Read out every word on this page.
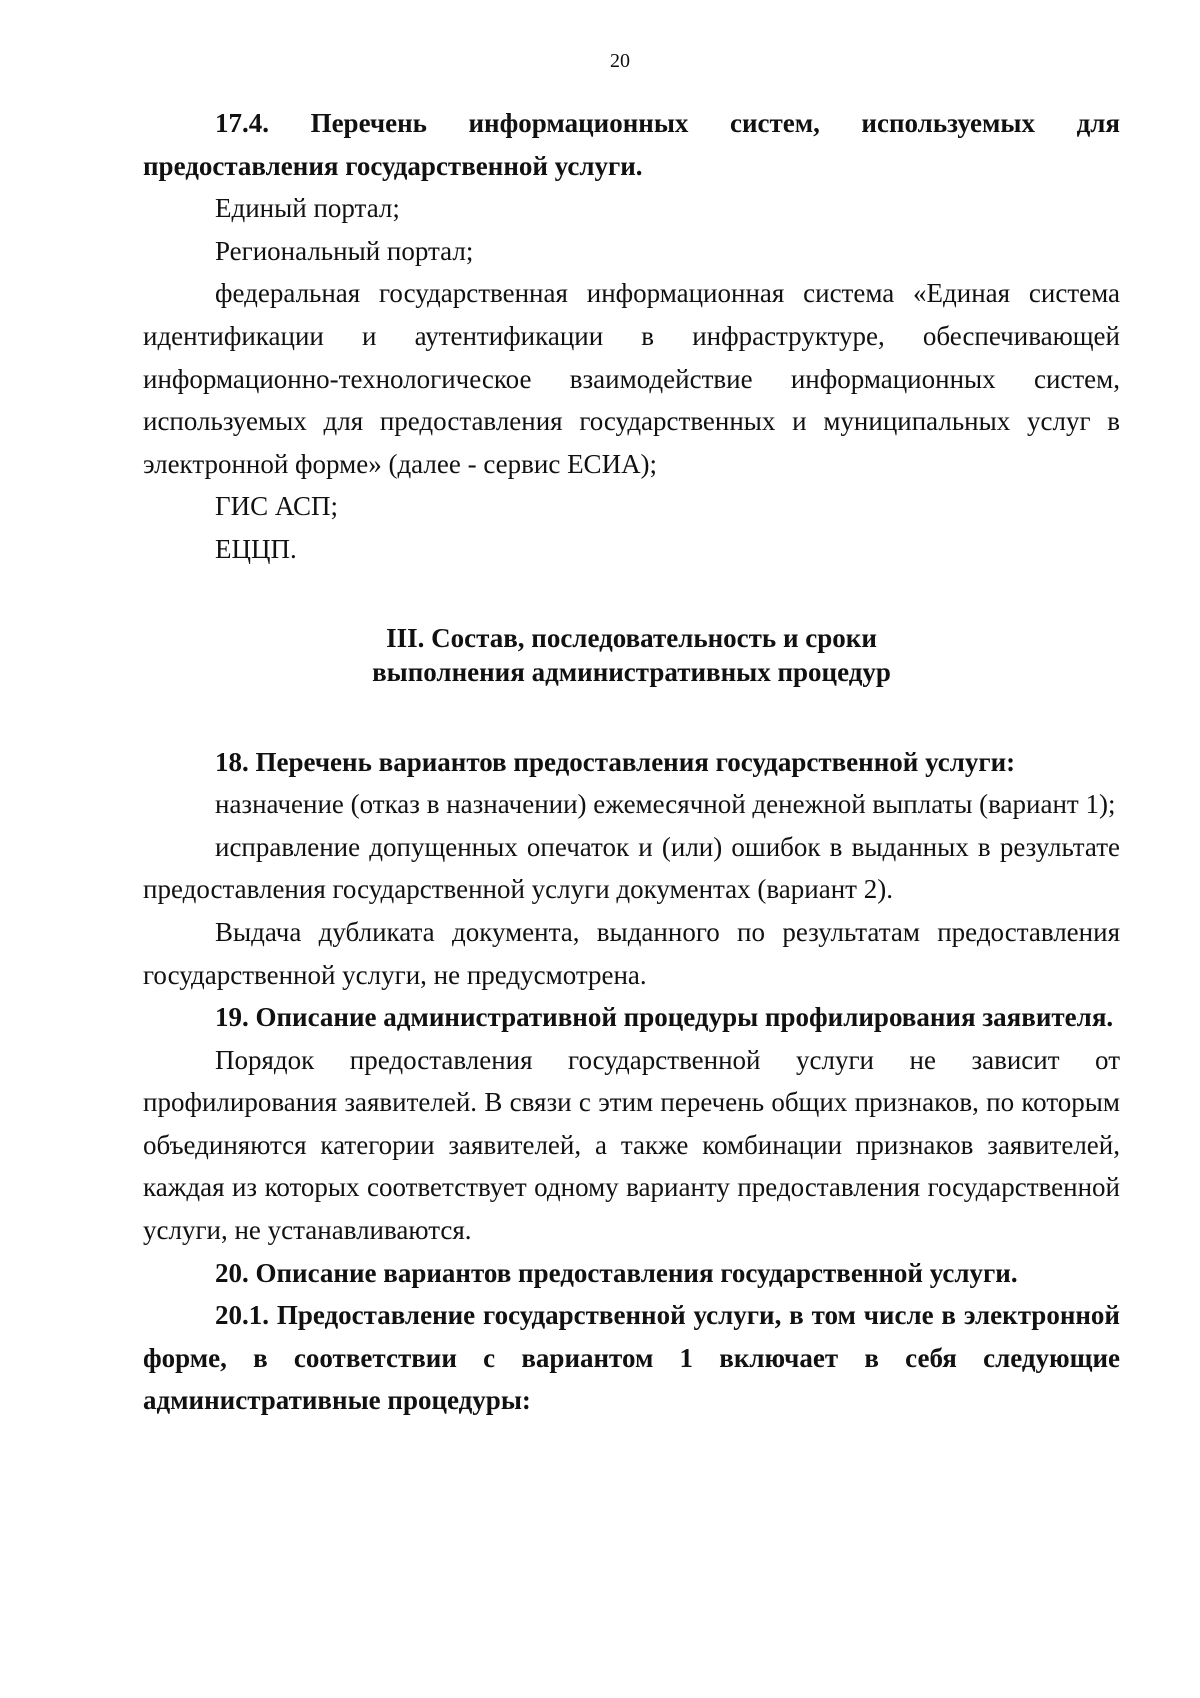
20

17.4. Перечень информационных систем, используемых для предоставления государственной услуги.

Единый портал;

Региональный портал;

федеральная государственная информационная система «Единая система идентификации и аутентификации в инфраструктуре, обеспечивающей информационно-технологическое взаимодействие информационных систем, используемых для предоставления государственных и муниципальных услуг в электронной форме» (далее - сервис ЕСИА);

ГИС АСП;

ЕЦЦП.

III. Состав, последовательность и сроки

выполнения административных процедур

18. Перечень вариантов предоставления государственной услуги:

назначение (отказ в назначении) ежемесячной денежной выплаты (вариант 1);

исправление допущенных опечаток и (или) ошибок в выданных в результате предоставления государственной услуги документах (вариант 2).

Выдача дубликата документа, выданного по результатам предоставления государственной услуги, не предусмотрена.

19. Описание административной процедуры профилирования заявителя.

Порядок предоставления государственной услуги не зависит от профилирования заявителей. В связи с этим перечень общих признаков, по которым объединяются категории заявителей, а также комбинации признаков заявителей, каждая из которых соответствует одному варианту предоставления государственной услуги, не устанавливаются.

20. Описание вариантов предоставления государственной услуги.

20.1. Предоставление государственной услуги, в том числе в электронной форме, в соответствии с вариантом 1 включает в себя следующие административные процедуры:
